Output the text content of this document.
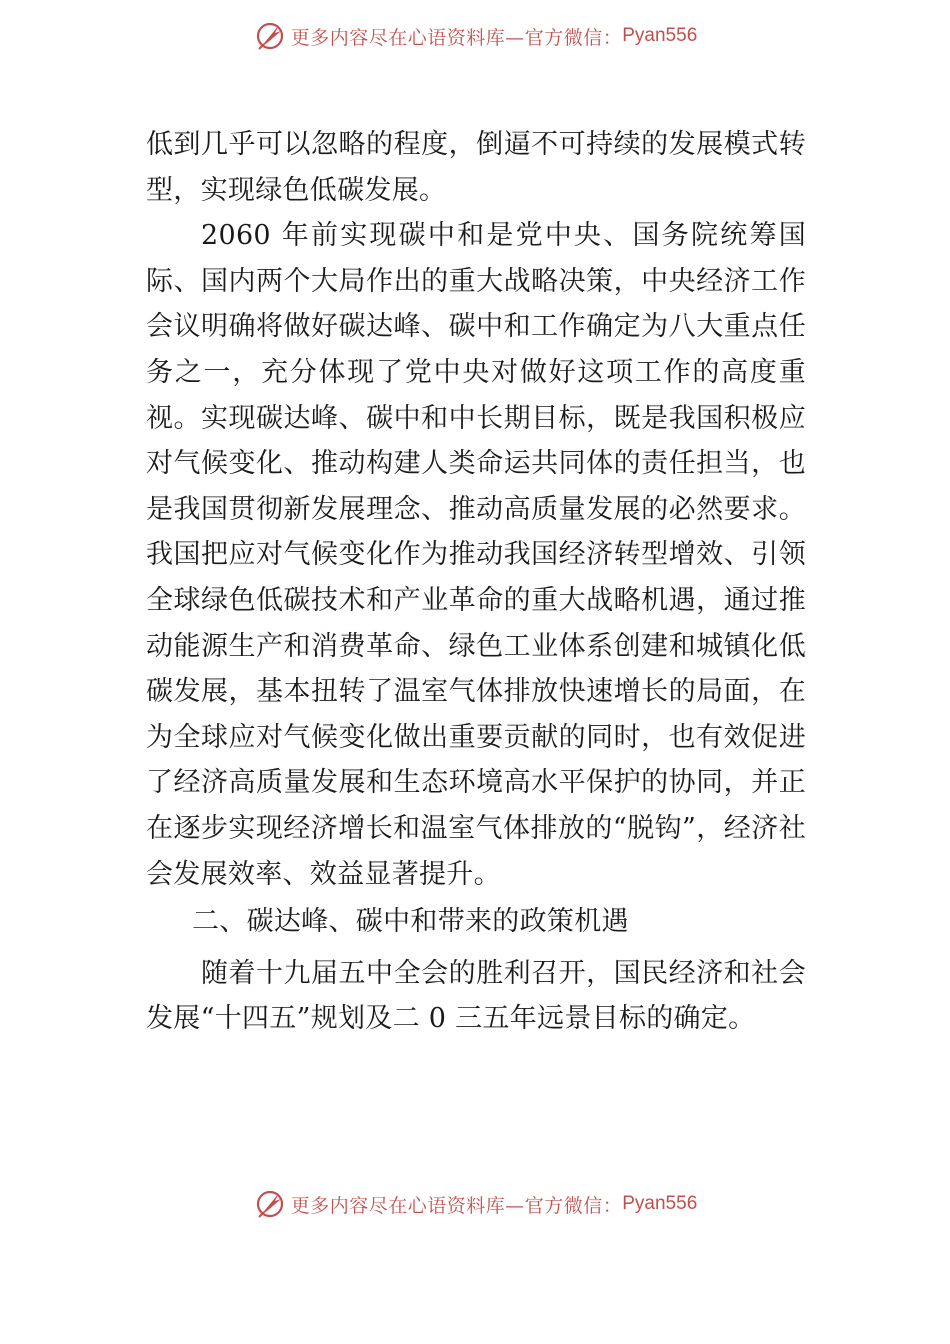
更多内容尽在心语资料库—官方微信： Pyan556

低到几乎可以忽略的程度，倒逼不可持续的发展模式转型，实现绿色低碳发展。

2060 年前实现碳中和是党中央、国务院统筹国际、国内两个大局作出的重大战略决策，中央经济工作会议明确将做好碳达峰、碳中和工作确定为八大重点任务之一，充分体现了党中央对做好这项工作的高度重视。实现碳达峰、碳中和中长期目标，既是我国积极应对气候变化、推动构建人类命运共同体的责任担当，也是我国贯彻新发展理念、推动高质量发展的必然要求。我国把应对气候变化作为推动我国经济转型增效、引领全球绿色低碳技术和产业革命的重大战略机遇，通过推动能源生产和消费革命、绿色工业体系创建和城镇化低碳发展，基本扭转了温室气体排放快速增长的局面，在为全球应对气候变化做出重要贡献的同时，也有效促进了经济高质量发展和生态环境高水平保护的协同，并正在逐步实现经济增长和温室气体排放的“脱钩”，经济社会发展效率、效益显著提升。

二、碳达峰、碳中和带来的政策机遇

随着十九届五中全会的胜利召开，国民经济和社会发展“十四五”规划及二 0 三五年远景目标的确定。

更多内容尽在心语资料库—官方微信： Pyan556
